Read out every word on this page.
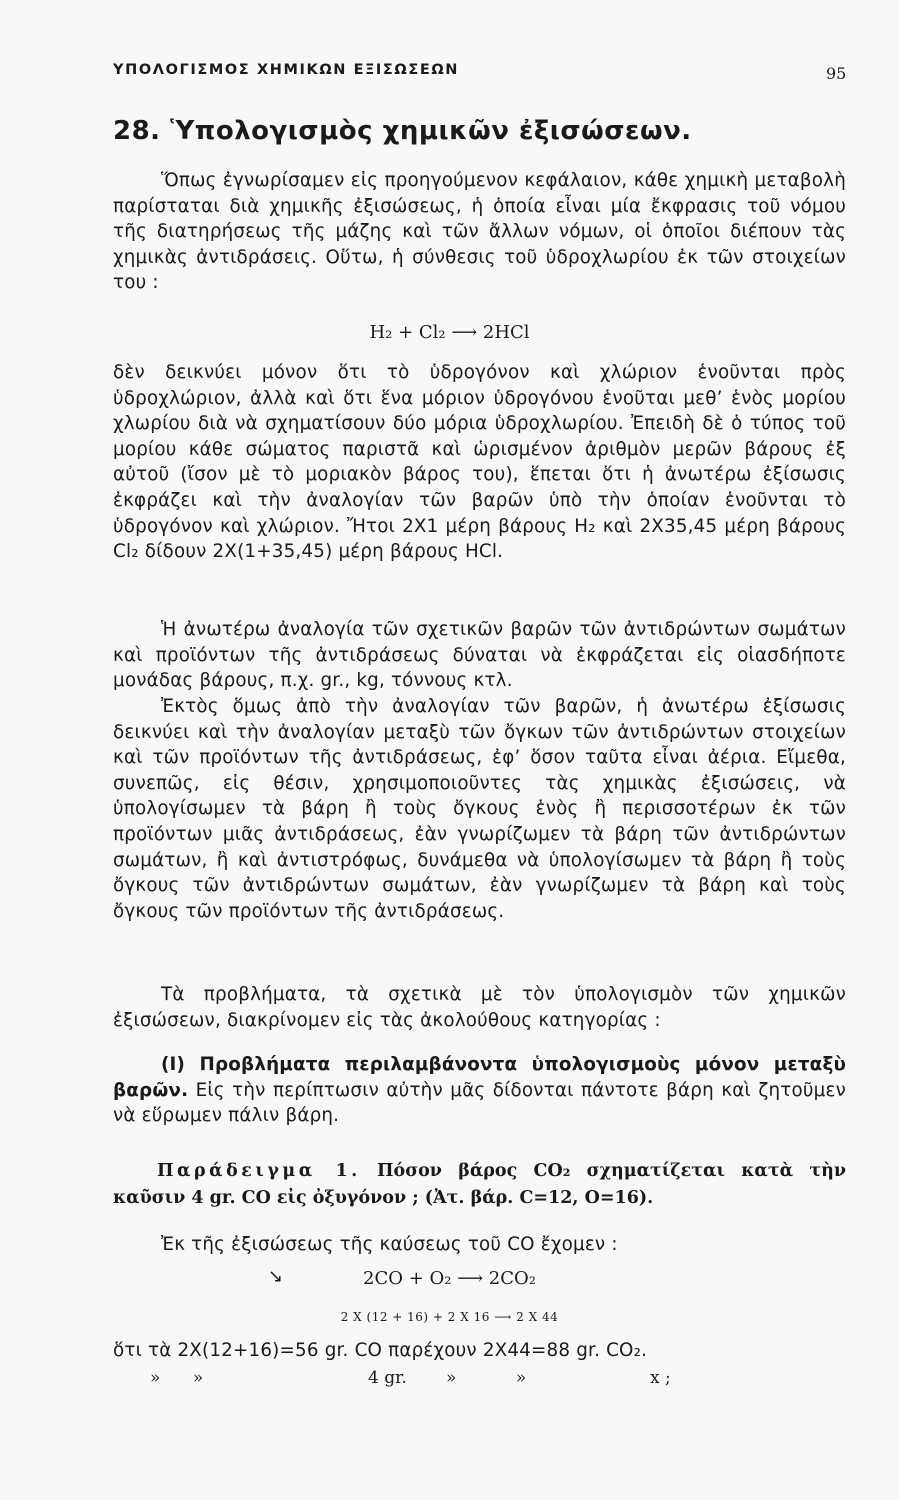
ΥΠΟΛΟΓΙΣΜΟΣ ΧΗΜΙΚΩΝ ΕΞΙΣΩΣΕΩΝ	95
28. Ὑπολογισμὸς χημικῶν ἐξισώσεων.

Ὅπως ἐγνωρίσαμεν εἰς προηγούμενον κεφάλαιον, κάθε χημικὴ μεταβολὴ παρίσταται διὰ χημικῆς ἐξισώσεως, ἡ ὁποία εἶναι μία ἔκφρασις τοῦ νόμου τῆς διατηρήσεως τῆς μάζης καὶ τῶν ἄλλων νόμων, οἱ ὁποῖοι διέπουν τὰς χημικὰς ἀντιδράσεις. Οὕτω, ἡ σύνθεσις τοῦ ὑδροχλωρίου ἐκ τῶν στοιχείων του :

H₂ + Cl₂ ⟶ 2HCl

δὲν δεικνύει μόνον ὅτι τὸ ὑδρογόνον καὶ χλώριον ἑνοῦνται πρὸς ὑδροχλώριον, ἀλλὰ καὶ ὅτι ἕνα μόριον ὑδρογόνου ἑνοῦται μεθ’ ἑνὸς μορίου χλωρίου διὰ νὰ σχηματίσουν δύο μόρια ὑδροχλωρίου. Ἐπειδὴ δὲ ὁ τύπος τοῦ μορίου κάθε σώματος παριστᾶ καὶ ὡρισμένον ἀριθμὸν μερῶν βάρους ἐξ αὐτοῦ (ἴσον μὲ τὸ μοριακὸν βάρος του), ἕπεται ὅτι ἡ ἀνωτέρω ἐξίσωσις ἐκφράζει καὶ τὴν ἀναλογίαν τῶν βαρῶν ὑπὸ τὴν ὁποίαν ἑνοῦνται τὸ ὑδρογόνον καὶ χλώριον. Ἤτοι 2X1 μέρη βάρους H₂ καὶ 2X35,45 μέρη βάρους Cl₂ δίδουν 2X(1+35,45) μέρη βάρους HCl.

Ἡ ἀνωτέρω ἀναλογία τῶν σχετικῶν βαρῶν τῶν ἀντιδρώντων σωμάτων καὶ προϊόντων τῆς ἀντιδράσεως δύναται νὰ ἐκφράζεται εἰς οἱασδήποτε μονάδας βάρους, π.χ. gr., kg, τόννους κτλ.

Ἐκτὸς ὅμως ἀπὸ τὴν ἀναλογίαν τῶν βαρῶν, ἡ ἀνωτέρω ἐξίσωσις δεικνύει καὶ τὴν ἀναλογίαν μεταξὺ τῶν ὄγκων τῶν ἀντιδρώντων στοιχείων καὶ τῶν προϊόντων τῆς ἀντιδράσεως, ἐφ’ ὅσον ταῦτα εἶναι ἀέρια. Εἴμεθα, συνεπῶς, εἰς θέσιν, χρησιμοποιοῦντες τὰς χημικὰς ἐξισώσεις, νὰ ὑπολογίσωμεν τὰ βάρη ἢ τοὺς ὄγκους ἑνὸς ἢ περισσοτέρων ἐκ τῶν προϊόντων μιᾶς ἀντιδράσεως, ἐὰν γνωρίζωμεν τὰ βάρη τῶν ἀντιδρώντων σωμάτων, ἢ καὶ ἀντιστρόφως, δυνάμεθα νὰ ὑπολογίσωμεν τὰ βάρη ἢ τοὺς ὄγκους τῶν ἀντιδρώντων σωμάτων, ἐὰν γνωρίζωμεν τὰ βάρη καὶ τοὺς ὄγκους τῶν προϊόντων τῆς ἀντιδράσεως.

Τὰ προβλήματα, τὰ σχετικὰ μὲ τὸν ὑπολογισμὸν τῶν χημικῶν ἐξισώσεων, διακρίνομεν εἰς τὰς ἀκολούθους κατηγορίας :

(I) Προβλήματα περιλαμβάνοντα ὑπολογισμοὺς μόνον μεταξὺ βαρῶν. Εἰς τὴν περίπτωσιν αὐτὴν μᾶς δίδονται πάντοτε βάρη καὶ ζητοῦμεν νὰ εὕρωμεν πάλιν βάρη.

Παράδειγμα 1. Πόσον βάρος CO₂ σχηματίζεται κατὰ τὴν καῦσιν 4 gr. CO εἰς ὀξυγόνον ; (Ἀτ. βάρ. C=12, O=16).

Ἐκ τῆς ἐξισώσεως τῆς καύσεως τοῦ CO ἔχομεν :

↘	2CO + O₂ ⟶ 2CO₂
2 X (12 + 16) + 2 X 16 ⟶ 2 X 44

ὅτι τὰ 2X(12+16)=56 gr. CO παρέχουν 2X44=88 gr. CO₂.

»      »	4 gr. »           »	x ;
